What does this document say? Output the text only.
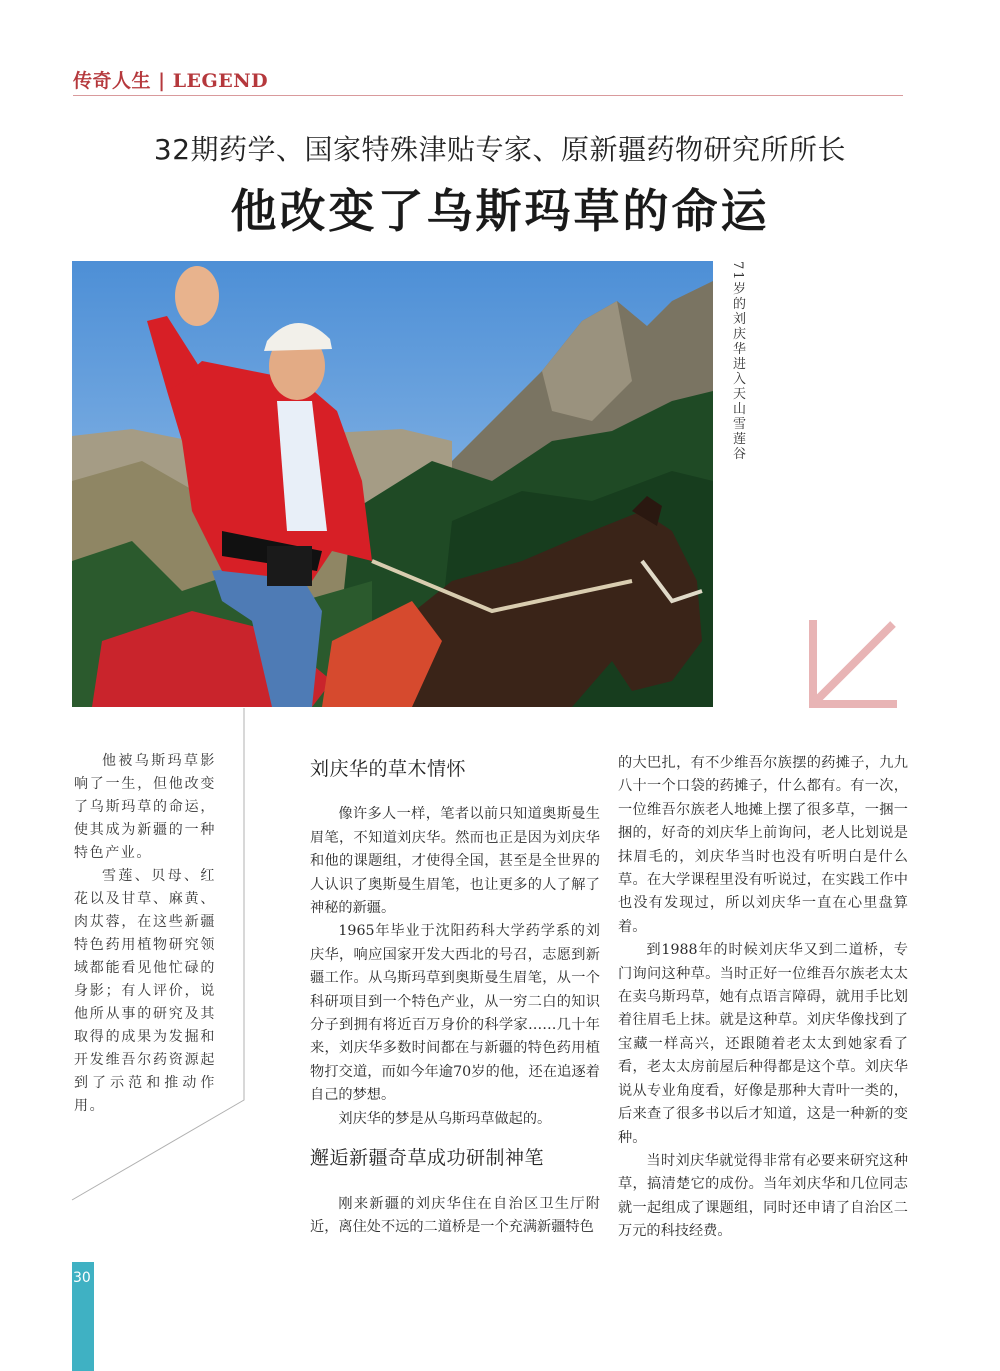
传奇人生 | LEGEND
32期药学、国家特殊津贴专家、原新疆药物研究所所长
他改变了乌斯玛草的命运
71岁的刘庆华进入天山雪莲谷

他被乌斯玛草影响了一生，但他改变了乌斯玛草的命运，使其成为新疆的一种特色产业。

雪莲、贝母、红花以及甘草、麻黄、肉苁蓉，在这些新疆特色药用植物研究领域都能看见他忙碌的身影；有人评价，说他所从事的研究及其取得的成果为发掘和开发维吾尔药资源起到了示范和推动作用。

刘庆华的草木情怀

像许多人一样，笔者以前只知道奥斯曼生眉笔，不知道刘庆华。然而也正是因为刘庆华和他的课题组，才使得全国，甚至是全世界的人认识了奥斯曼生眉笔，也让更多的人了解了神秘的新疆。

1965年毕业于沈阳药科大学药学系的刘庆华，响应国家开发大西北的号召，志愿到新疆工作。从乌斯玛草到奥斯曼生眉笔，从一个科研项目到一个特色产业，从一穷二白的知识分子到拥有将近百万身价的科学家……几十年来，刘庆华多数时间都在与新疆的特色药用植物打交道，而如今年逾70岁的他，还在追逐着自己的梦想。

刘庆华的梦是从乌斯玛草做起的。

邂逅新疆奇草成功研制神笔

刚来新疆的刘庆华住在自治区卫生厅附近，离住处不远的二道桥是一个充满新疆特色

的大巴扎，有不少维吾尔族摆的药摊子，九九八十一个口袋的药摊子，什么都有。有一次，一位维吾尔族老人地摊上摆了很多草，一捆一捆的，好奇的刘庆华上前询问，老人比划说是抹眉毛的，刘庆华当时也没有听明白是什么草。在大学课程里没有听说过，在实践工作中也没有发现过，所以刘庆华一直在心里盘算着。

到1988年的时候刘庆华又到二道桥，专门询问这种草。当时正好一位维吾尔族老太太在卖乌斯玛草，她有点语言障碍，就用手比划着往眉毛上抹。就是这种草。刘庆华像找到了宝藏一样高兴，还跟随着老太太到她家看了看，老太太房前屋后种得都是这个草。刘庆华说从专业角度看，好像是那种大青叶一类的，后来查了很多书以后才知道，这是一种新的变种。

当时刘庆华就觉得非常有必要来研究这种草，搞清楚它的成份。当年刘庆华和几位同志就一起组成了课题组，同时还申请了自治区二万元的科技经费。

30
